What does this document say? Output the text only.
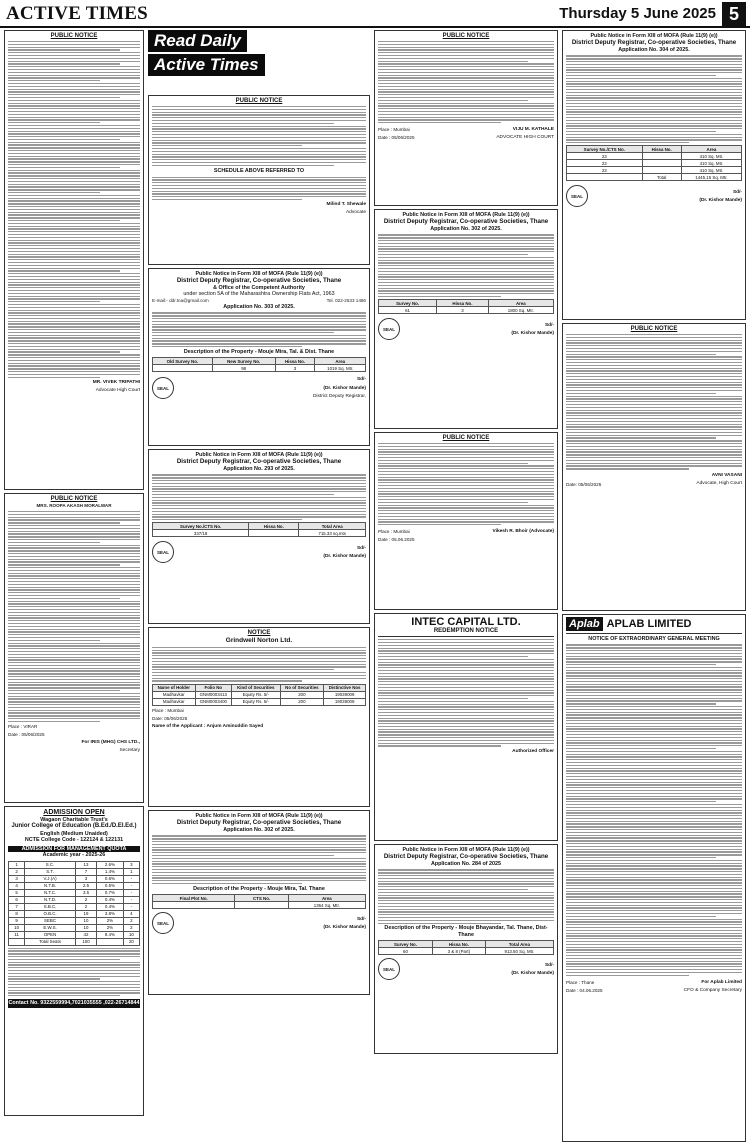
ACTIVE TIMES	Thursday 5 June 2025 5
PUBLIC NOTICE
MR. VIVEK TRIPATHI
Advocate High Court
PUBLIC NOTICE
MRS. ROOPA AKASH MORALWAR
Place : VIRAR
Date : 05/06/2025
For IRIS (MHG) CHS LTD.,
Secretary
ADMISSION OPEN
Wagaon Charitable Trust's
Junior College of Education (B.Ed./D.El.Ed.)
English (Medium Unaided)
NCTE College Code - 122124 & 122131
ADMISSION FOR MANAGEMENT QUOTA
Academic year - 2025-26
1	S.C.	13	2.6%	3
2	S.T.	7	1.4%	1
3	V.J.(A)	3	0.6%	-
4	N.T.B.	2.5	0.5%	-
5	N.T.C.	3.5	0.7%	-
6	N.T.D.	2	0.4%	-
7	S.B.C.	2	0.4%	-
8	O.B.C.	19	3.8%	4
9	SEBC	10	2%	2
10	E.W.S.	10	2%	2
11	OPEN	42	8.4%	10
	Total Seats	100		20
Contact No. 9322559994,7021035555 ,022-26714844
Read Daily
Active Times
PUBLIC NOTICE
SCHEDULE ABOVE REFERRED TO
Milind T. Shewale
Advocate
Public Notice in Form XIII of MOFA (Rule 11(9) (e))
District Deputy Registrar, Co-operative Societies, Thane
& Office of the Competent Authority
under section 5A of the Maharashtra Ownership Flats Act, 1963
E-mail:- ddr.tna@gmail.com	Tel. 022-2533 1486
Application No. 303 of 2025.
Description of the Property - Mouje Mira, Tal. & Dist. Thane
Old Survey No.	New Survey No.	Hissa No.	Area
	98	3	1019 Sq. Mtr.
SEAL
Sd/-
(Dr. Kishor Mande)
District Deputy Registrar,
Public Notice in Form XIII of MOFA (Rule 11(9) (e))
District Deputy Registrar, Co-operative Societies, Thane
Application No. 293 of 2025.
Survey No./CTS No.	Hissa No.	Total Area
337/18		715.33 sq.mts
SEAL
Sd/-
(Dr. Kishor Mande)
NOTICE
Grindwell Norton Ltd.
Name of Holder	Folio No	Kind of Securities	No of Securities	Distinctive Nos
Madhavkar	GNM0003413	Equity Rs. 5/-	200	19039009
Madhavkar	GNM0003400	Equity Rs. 5/-	200	19039009
Place : Mumbai
Date: 05/06/2025
Name of the Applicant : Anjum Aminuddin Sayed
Public Notice in Form XIII of MOFA (Rule 11(9) (e))
District Deputy Registrar, Co-operative Societies, Thane
Application No. 302 of 2025.
Description of the Property - Mouje Mira, Tal. Thane
Final Plot No.	CTS No.	Area
		1364 Sq. Mtr.
SEAL
Sd/-
(Dr. Kishor Mande)
PUBLIC NOTICE
Place : Mumbai
Date : 05/06/2025
VIJU M. KATHALE
ADVOCATE HIGH COURT
Public Notice in Form XIII of MOFA (Rule 11(9) (e))
District Deputy Registrar, Co-operative Societies, Thane
Application No. 302 of 2025.
Survey No.	Hissa No.	Area
61	3	1800 Sq. Mtr.
SEAL
Sd/-
(Dr. Kishor Mande)
PUBLIC NOTICE
Place : Mumbai
Date : 05.06.2025
Vikesh R. Bhoir (Advocate)
INTEC CAPITAL LTD.
REDEMPTION NOTICE
Authorized Officer
Public Notice in Form XIII of MOFA (Rule 11(9) (e))
District Deputy Registrar, Co-operative Societies, Thane
Application No. 284 of 2025
Description of the Property - Mouje Bhayandar, Tal. Thane, Dist-Thane
Survey No.	Hissa No.	Total Area
60	3 & 8 (Part)	913.50 Sq. Mtr.
SEAL
Sd/-
(Dr. Kishor Mande)
Public Notice in Form XIII of MOFA (Rule 11(9) (e))
District Deputy Registrar, Co-operative Societies, Thane
Application No. 304 of 2025.
Survey No./CTS No.	Hissa No.	Area
23		410 Sq. Mtr.
23		410 Sq. Mtr.
23		410 Sq. Mtr.
	Total	1445.15 Sq. Mtr.
SEAL
Sd/-
(Dr. Kishor Mande)
PUBLIC NOTICE
Date: 05/06/2025
AVNI VASANI
Advocate, High Court
Aplab APLAB LIMITED
NOTICE OF EXTRAORDINARY GENERAL MEETING
Place : Thane
Date : 04.06.2025
For Aplab Limited
CFO & Company Secretary
